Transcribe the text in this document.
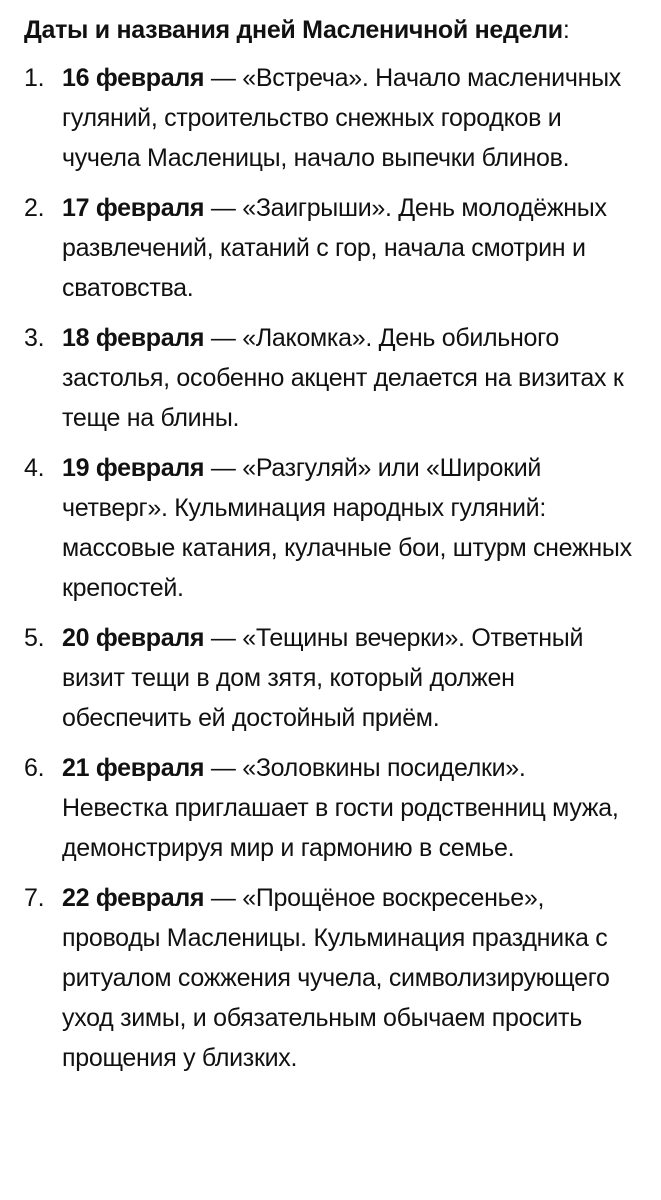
Даты и названия дней Масленичной недели:
1. 16 февраля — «Встреча». Начало масленичных гуляний, строительство снежных городков и чучела Масленицы, начало выпечки блинов.
2. 17 февраля — «Заигрыши». День молодёжных развлечений, катаний с гор, начала смотрин и сватовства.
3. 18 февраля — «Лакомка». День обильного застолья, особенно акцент делается на визитах к теще на блины.
4. 19 февраля — «Разгуляй» или «Широкий четверг». Кульминация народных гуляний: массовые катания, кулачные бои, штурм снежных крепостей.
5. 20 февраля — «Тещины вечерки». Ответный визит тещи в дом зятя, который должен обеспечить ей достойный приём.
6. 21 февраля — «Золовкины посиделки». Невестка приглашает в гости родственниц мужа, демонстрируя мир и гармонию в семье.
7. 22 февраля — «Прощёное воскресенье», проводы Масленицы. Кульминация праздника с ритуалом сожжения чучела, символизирующего уход зимы, и обязательным обычаем просить прощения у близких.
